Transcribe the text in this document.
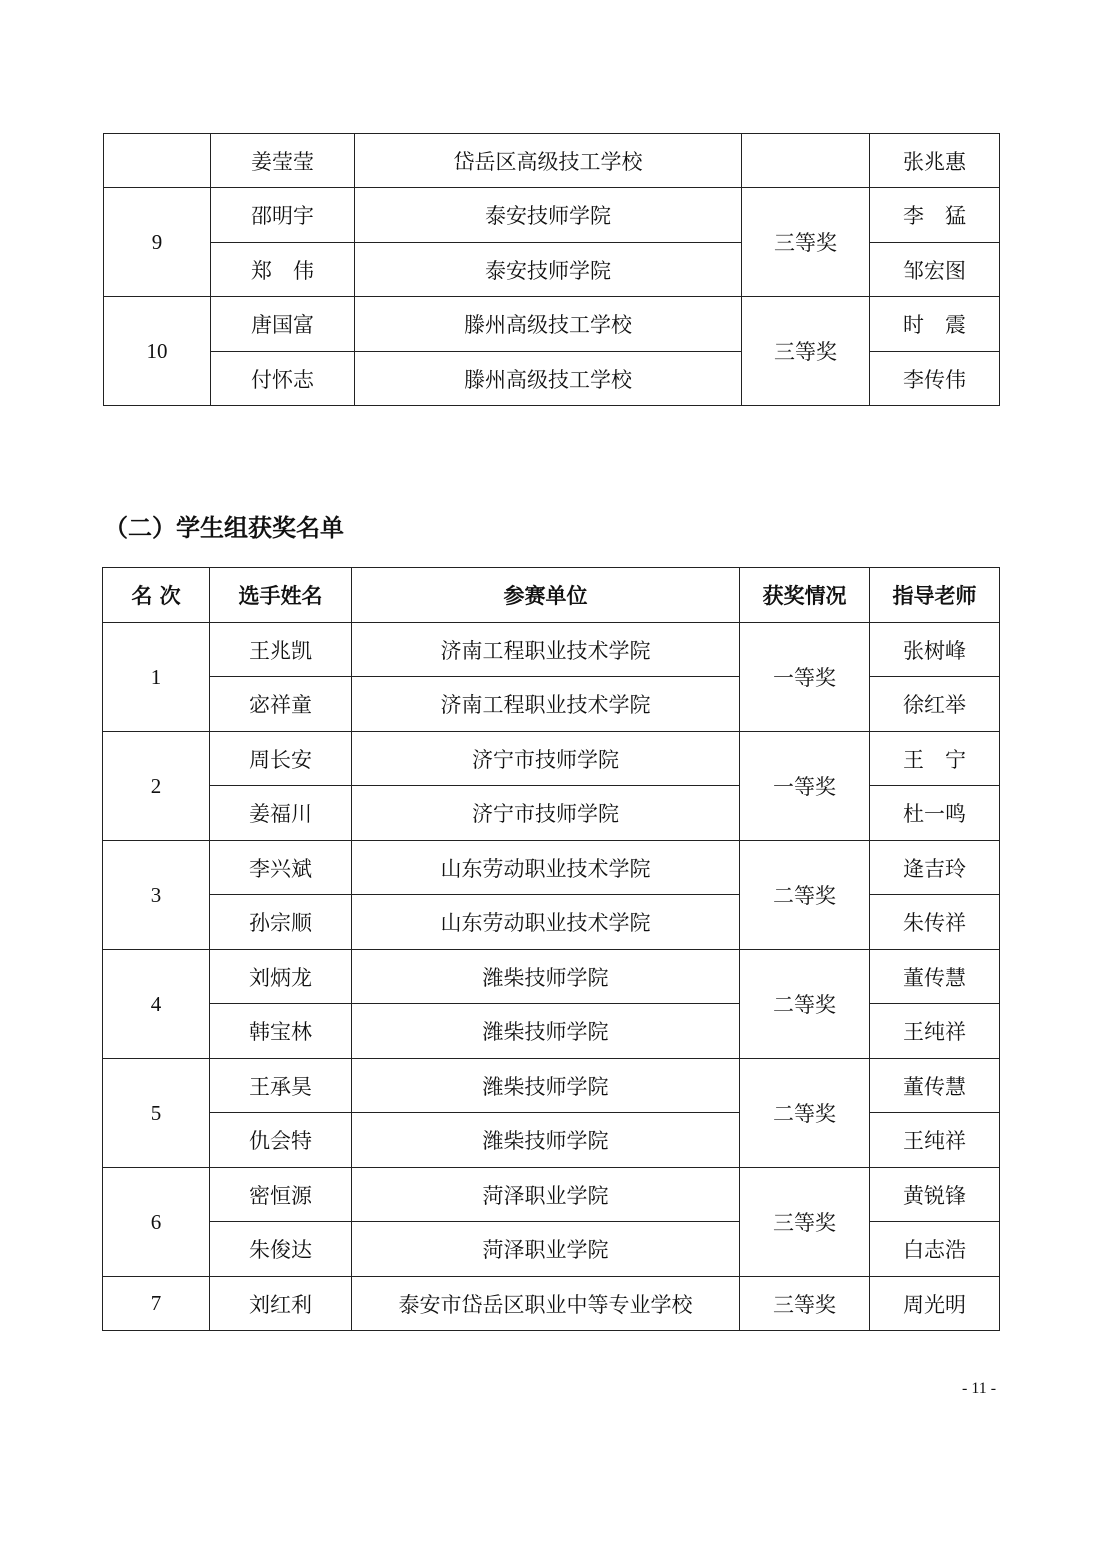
	姜莹莹	岱岳区高级技工学校		张兆惠
9	邵明宇	泰安技师学院	三等奖	李　猛
	郑　伟	泰安技师学院		邹宏图
10	唐国富	滕州高级技工学校	三等奖	时　震
	付怀志	滕州高级技工学校		李传伟
（二）学生组获奖名单
名 次	选手姓名	参赛单位	获奖情况	指导老师
1	王兆凯	济南工程职业技术学院	一等奖	张树峰
	宓祥童	济南工程职业技术学院		徐红举
2	周长安	济宁市技师学院	一等奖	王　宁
	姜福川	济宁市技师学院		杜一鸣
3	李兴斌	山东劳动职业技术学院	二等奖	逄吉玲
	孙宗顺	山东劳动职业技术学院		朱传祥
4	刘炳龙	潍柴技师学院	二等奖	董传慧
	韩宝林	潍柴技师学院		王纯祥
5	王承昊	潍柴技师学院	二等奖	董传慧
	仇会特	潍柴技师学院		王纯祥
6	密恒源	菏泽职业学院	三等奖	黄锐锋
	朱俊达	菏泽职业学院		白志浩
7	刘红利	泰安市岱岳区职业中等专业学校	三等奖	周光明
- 11 -
